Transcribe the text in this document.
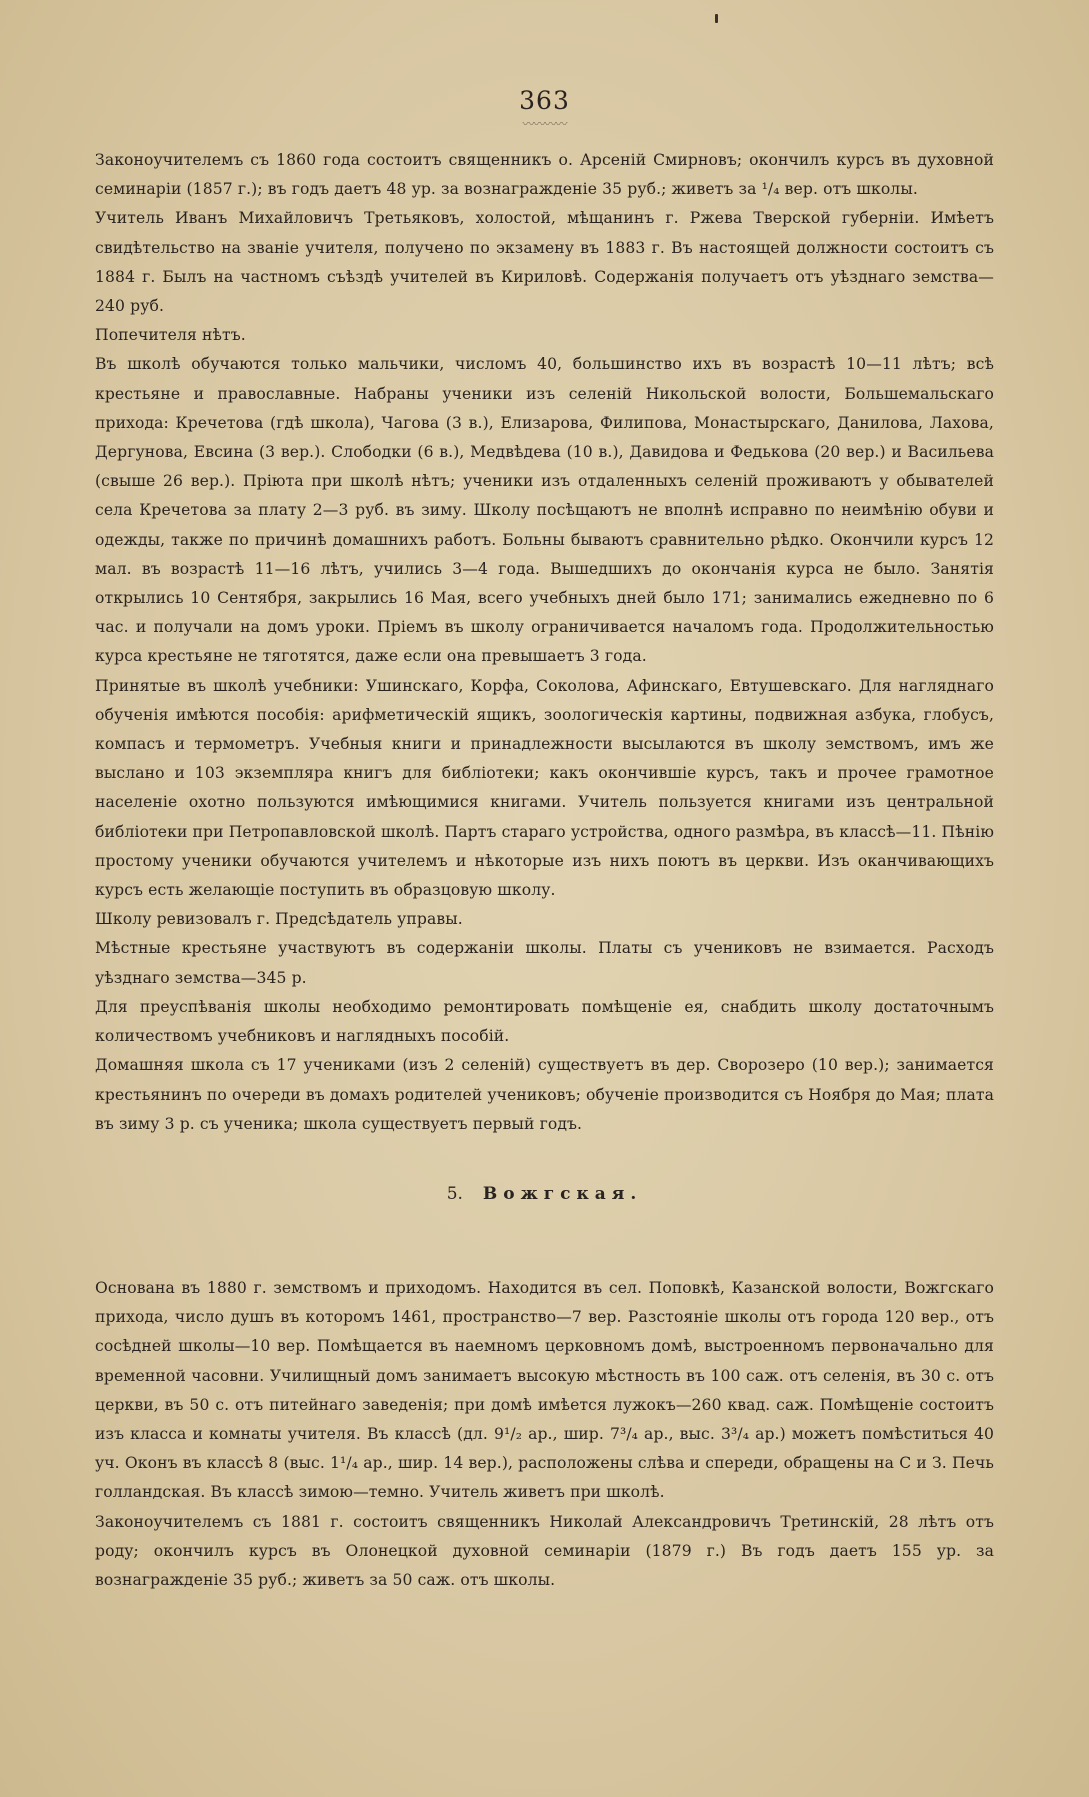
363
〰〰〰〰

Законоучителемъ съ 1860 года состоитъ священникъ о. Арсеній Смирновъ; окончилъ курсъ въ духовной семинаріи (1857 г.); въ годъ даетъ 48 ур. за вознагражденіе 35 руб.; живетъ за ¹/₄ вер. отъ школы.

Учитель Иванъ Михайловичъ Третьяковъ, холостой, мѣщанинъ г. Ржева Тверской губерніи. Имѣетъ свидѣтельство на званіе учителя, получено по экзамену въ 1883 г. Въ настоящей должности состоитъ съ 1884 г. Былъ на частномъ съѣздѣ учителей въ Кириловѣ. Содержанія получаетъ отъ уѣзднаго земства—240 руб.

Попечителя нѣтъ.

Въ школѣ обучаются только мальчики, числомъ 40, большинство ихъ въ возрастѣ 10—11 лѣтъ; всѣ крестьяне и православные. Набраны ученики изъ селеній Никольской волости, Большемальскаго прихода: Кречетова (гдѣ школа), Чагова (3 в.), Елизарова, Филипова, Монастырскаго, Данилова, Лахова, Дергунова, Евсина (3 вер.). Слободки (6 в.), Медвѣдева (10 в.), Давидова и Федькова (20 вер.) и Васильева (свыше 26 вер.). Пріюта при школѣ нѣтъ; ученики изъ отдаленныхъ селеній проживаютъ у обывателей села Кречетова за плату 2—3 руб. въ зиму. Школу посѣщаютъ не вполнѣ исправно по неимѣнію обуви и одежды, также по причинѣ домашнихъ работъ. Больны бываютъ сравнительно рѣдко. Окончили курсъ 12 мал. въ возрастѣ 11—16 лѣтъ, учились 3—4 года. Вышедшихъ до окончанія курса не было. Занятія открылись 10 Сентября, закрылись 16 Мая, всего учебныхъ дней было 171; занимались ежедневно по 6 час. и получали на домъ уроки. Пріемъ въ школу ограничивается началомъ года. Продолжительностью курса крестьяне не тяготятся, даже если она превышаетъ 3 года.

Принятые въ школѣ учебники: Ушинскаго, Корфа, Соколова, Афинскаго, Евтушевскаго. Для нагляднаго обученія имѣются пособія: арифметическій ящикъ, зоологическія картины, подвижная азбука, глобусъ, компасъ и термометръ. Учебныя книги и принадлежности высылаются въ школу земствомъ, имъ же выслано и 103 экземпляра книгъ для библіотеки; какъ окончившіе курсъ, такъ и прочее грамотное населеніе охотно пользуются имѣющимися книгами. Учитель пользуется книгами изъ центральной библіотеки при Петропавловской школѣ. Партъ стараго устройства, одного размѣра, въ классѣ—11. Пѣнію простому ученики обучаются учителемъ и нѣкоторые изъ нихъ поютъ въ церкви. Изъ оканчивающихъ курсъ есть желающіе поступить въ образцовую школу.

Школу ревизовалъ г. Предсѣдатель управы.

Мѣстные крестьяне участвуютъ въ содержаніи школы. Платы съ учениковъ не взимается. Расходъ уѣзднаго земства—345 р.

Для преуспѣванія школы необходимо ремонтировать помѣщеніе ея, снабдить школу достаточнымъ количествомъ учебниковъ и наглядныхъ пособій.

Домашняя школа съ 17 учениками (изъ 2 селеній) существуетъ въ дер. Сворозеро (10 вер.); занимается крестьянинъ по очереди въ домахъ родителей учениковъ; обученіе производится съ Ноября до Мая; плата въ зиму 3 р. съ ученика; школа существуетъ первый годъ.

5. Вожгская.

Основана въ 1880 г. земствомъ и приходомъ. Находится въ сел. Поповкѣ, Казанской волости, Вожгскаго прихода, число душъ въ которомъ 1461, пространство—7 вер. Разстояніе школы отъ города 120 вер., отъ сосѣдней школы—10 вер. Помѣщается въ наемномъ церковномъ домѣ, выстроенномъ первоначально для временной часовни. Училищный домъ занимаетъ высокую мѣстность въ 100 саж. отъ селенія, въ 30 с. отъ церкви, въ 50 с. отъ питейнаго заведенія; при домѣ имѣется лужокъ—260 квад. саж. Помѣщеніе состоитъ изъ класса и комнаты учителя. Въ классѣ (дл. 9¹/₂ ар., шир. 7³/₄ ар., выс. 3³/₄ ар.) можетъ помѣститься 40 уч. Оконъ въ классѣ 8 (выс. 1¹/₄ ар., шир. 14 вер.), расположены слѣва и спереди, обращены на С и З. Печь голландская. Въ классѣ зимою—темно. Учитель живетъ при школѣ.

Законоучителемъ съ 1881 г. состоитъ священникъ Николай Александровичъ Третинскій, 28 лѣтъ отъ роду; окончилъ курсъ въ Олонецкой духовной семинаріи (1879 г.) Въ годъ даетъ 155 ур. за вознагражденіе 35 руб.; живетъ за 50 саж. отъ школы.
